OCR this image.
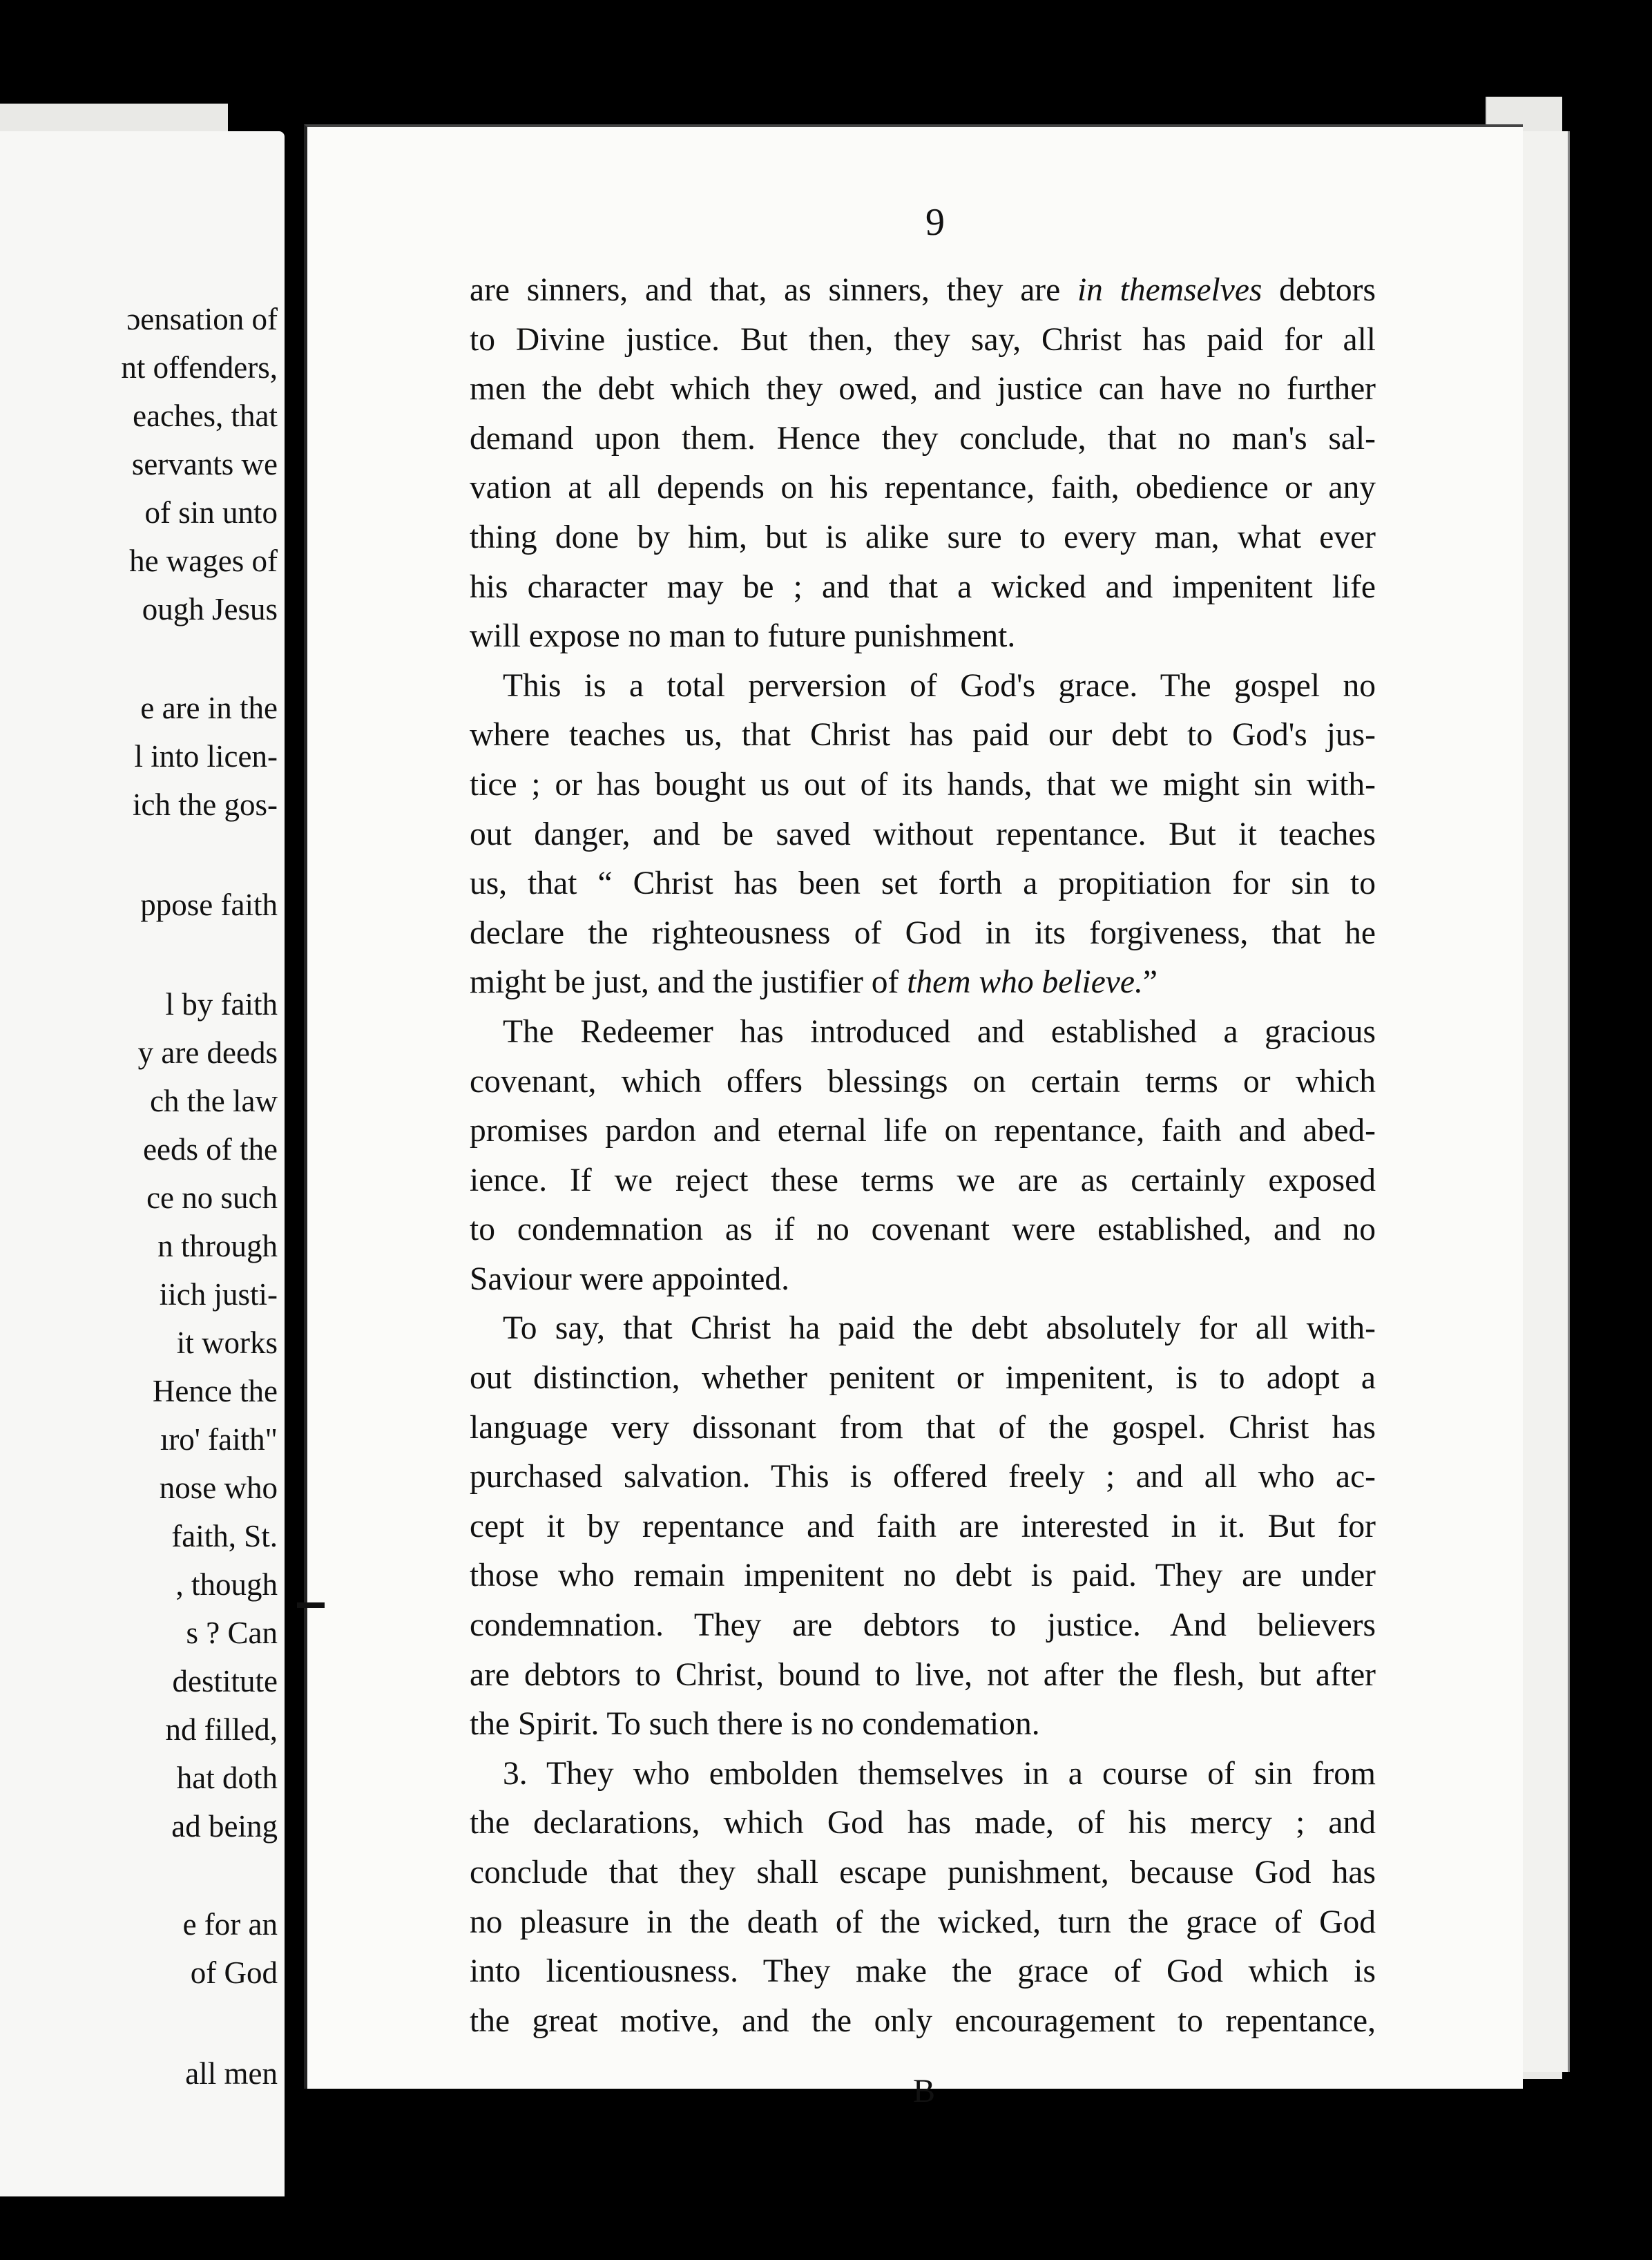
ɔensation of
nt offenders,
eaches, that
servants we
of sin unto
he wages of
ough Jesus
e are in the
l into licen-
ich the gos-
ppose faith
l by faith
y are deeds
ch the law
eeds of the
ce no such
n through
iich justi-
it works
Hence the
ıro' faith"
nose who
faith, St.
, though
s ? Can
destitute
nd filled,
hat doth
ad being
e for an
of God
all men
9
are sinners, and that, as sinners, they are in themselves debtors
to Divine justice. But then, they say, Christ has paid for all
men the debt which they owed, and justice can have no further
demand upon them. Hence they conclude, that no man's sal-
vation at all depends on his repentance, faith, obedience or any
thing done by him, but is alike sure to every man, what ever
his character may be ; and that a wicked and impenitent life
will expose no man to future punishment.
This is a total perversion of God's grace. The gospel no
where teaches us, that Christ has paid our debt to God's jus-
tice ; or has bought us out of its hands, that we might sin with-
out danger, and be saved without repentance. But it teaches
us, that “ Christ has been set forth a propitiation for sin to
declare the righteousness of God in its forgiveness, that he
might be just, and the justifier of them who believe.”
The Redeemer has introduced and established a gracious
covenant, which offers blessings on certain terms or which
promises pardon and eternal life on repentance, faith and abed-
ience. If we reject these terms we are as certainly exposed
to condemnation as if no covenant were established, and no
Saviour were appointed.
To say, that Christ ha paid the debt absolutely for all with-
out distinction, whether penitent or impenitent, is to adopt a
language very dissonant from that of the gospel. Christ has
purchased salvation. This is offered freely ; and all who ac-
cept it by repentance and faith are interested in it. But for
those who remain impenitent no debt is paid. They are under
condemnation. They are debtors to justice. And believers
are debtors to Christ, bound to live, not after the flesh, but after
the Spirit. To such there is no condemation.
3. They who embolden themselves in a course of sin from
the declarations, which God has made, of his mercy ; and
conclude that they shall escape punishment, because God has
no pleasure in the death of the wicked, turn the grace of God
into licentiousness. They make the grace of God which is
the great motive, and the only encouragement to repentance,
B
